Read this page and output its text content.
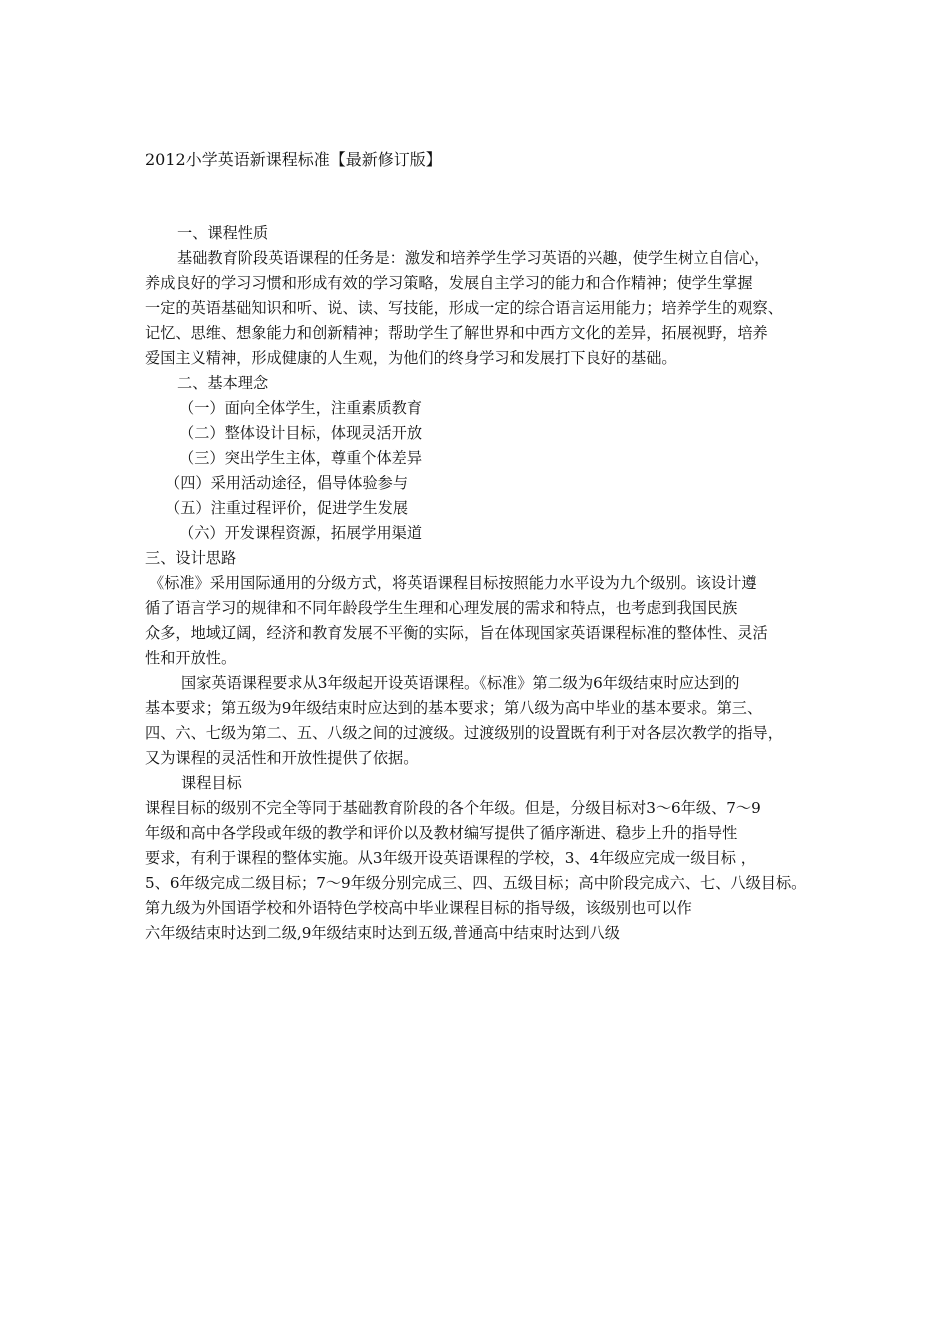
2012小学英语新课程标准【最新修订版】
一、课程性质
基础教育阶段英语课程的任务是：激发和培养学生学习英语的兴趣，使学生树立自信心，
养成良好的学习习惯和形成有效的学习策略，发展自主学习的能力和合作精神；使学生掌握
一定的英语基础知识和听、说、读、写技能，形成一定的综合语言运用能力；培养学生的观察、
记忆、思维、想象能力和创新精神；帮助学生了解世界和中西方文化的差异，拓展视野，培养
爱国主义精神，形成健康的人生观，为他们的终身学习和发展打下良好的基础。
二、基本理念
（一）面向全体学生，注重素质教育
（二）整体设计目标，体现灵活开放
（三）突出学生主体，尊重个体差异
（四）采用活动途径，倡导体验参与
（五）注重过程评价，促进学生发展
（六）开发课程资源，拓展学用渠道
三、设计思路
《标准》采用国际通用的分级方式，将英语课程目标按照能力水平设为九个级别。该设计遵
循了语言学习的规律和不同年龄段学生生理和心理发展的需求和特点，也考虑到我国民族
众多，地域辽阔，经济和教育发展不平衡的实际，旨在体现国家英语课程标准的整体性、灵活
性和开放性。
国家英语课程要求从3年级起开设英语课程。《标准》第二级为6年级结束时应达到的
基本要求；第五级为9年级结束时应达到的基本要求；第八级为高中毕业的基本要求。第三、
四、六、七级为第二、五、八级之间的过渡级。过渡级别的设置既有利于对各层次教学的指导，
又为课程的灵活性和开放性提供了依据。
课程目标
课程目标的级别不完全等同于基础教育阶段的各个年级。但是，分级目标对3～6年级、7～9
年级和高中各学段或年级的教学和评价以及教材编写提供了循序渐进、稳步上升的指导性
要求，有利于课程的整体实施。从3年级开设英语课程的学校，3、4年级应完成一级目标 ，
5、6年级完成二级目标；7～9年级分别完成三、四、五级目标；高中阶段完成六、七、八级目标。
第九级为外国语学校和外语特色学校高中毕业课程目标的指导级，该级别也可以作
六年级结束时达到二级,9年级结束时达到五级,普通高中结束时达到八级
